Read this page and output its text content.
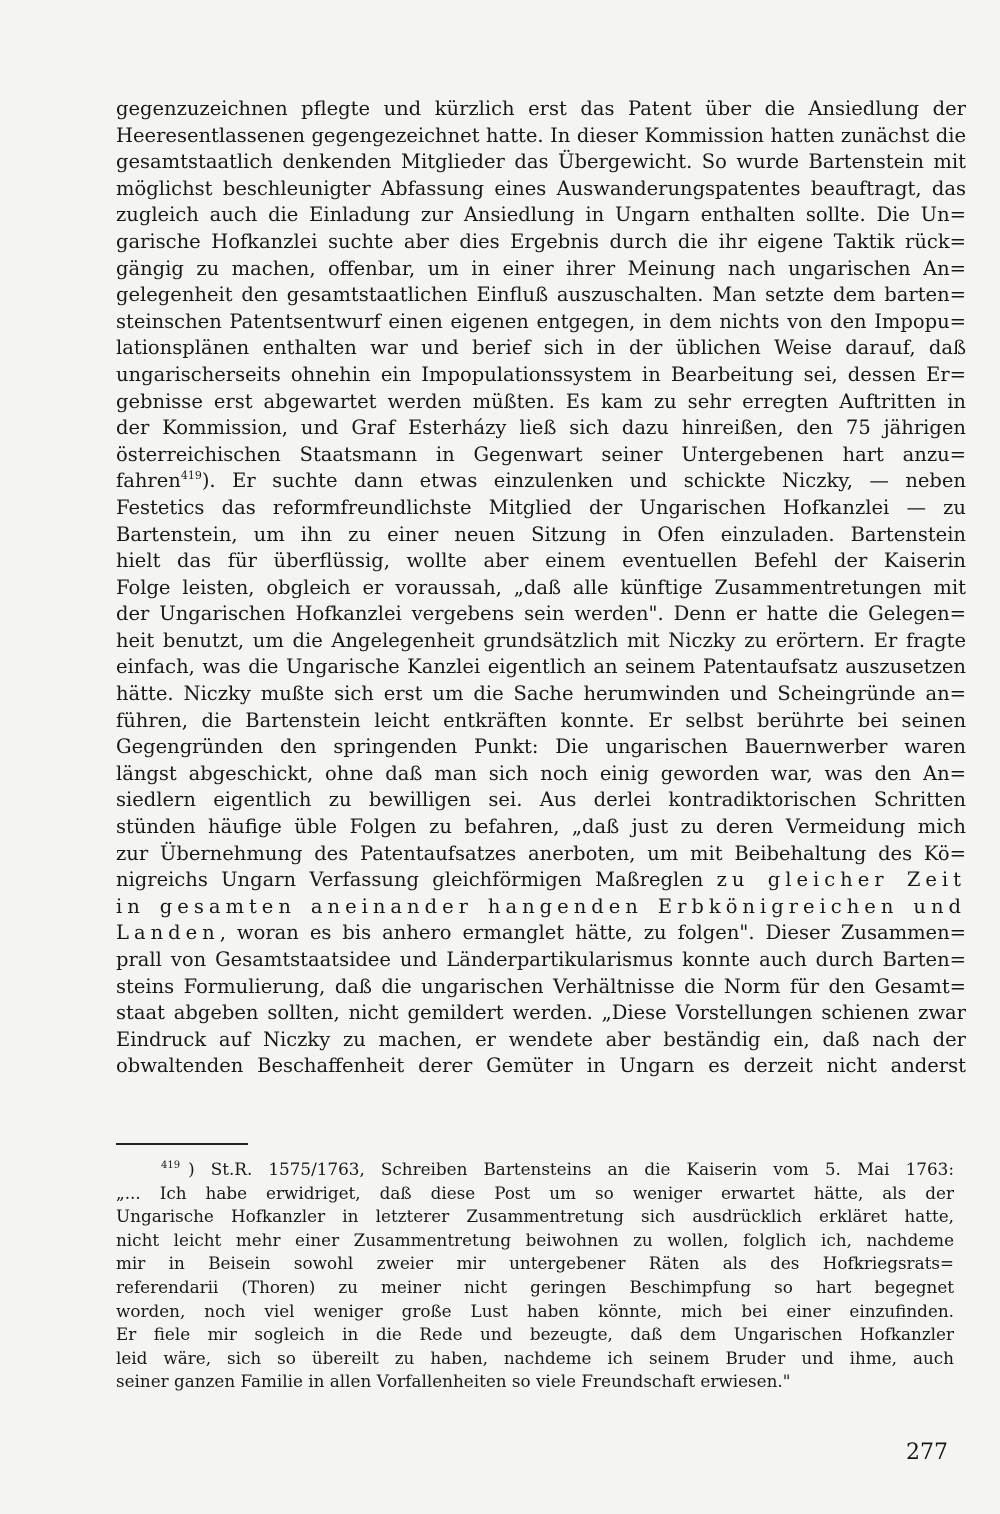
gegenzuzeichnen pflegte und kürzlich erst das Patent über die Ansiedlung der
Heeresentlassenen gegengezeichnet hatte. In dieser Kommission hatten zunächst die
gesamtstaatlich denkenden Mitglieder das Übergewicht. So wurde Bartenstein mit
möglichst beschleunigter Abfassung eines Auswanderungspatentes beauftragt, das
zugleich auch die Einladung zur Ansiedlung in Ungarn enthalten sollte. Die Un=
garische Hofkanzlei suchte aber dies Ergebnis durch die ihr eigene Taktik rück=
gängig zu machen, offenbar, um in einer ihrer Meinung nach ungarischen An=
gelegenheit den gesamtstaatlichen Einfluß auszuschalten. Man setzte dem barten=
steinschen Patentsentwurf einen eigenen entgegen, in dem nichts von den Impopu=
lationsplänen enthalten war und berief sich in der üblichen Weise darauf, daß
ungarischerseits ohnehin ein Impopulationssystem in Bearbeitung sei, dessen Er=
gebnisse erst abgewartet werden müßten. Es kam zu sehr erregten Auftritten in
der Kommission, und Graf Esterházy ließ sich dazu hinreißen, den 75 jährigen
österreichischen Staatsmann in Gegenwart seiner Untergebenen hart anzu=
fahren$^{419}$). Er suchte dann etwas einzulenken und schickte Niczky, — neben
Festetics das reformfreundlichste Mitglied der Ungarischen Hofkanzlei — zu
Bartenstein, um ihn zu einer neuen Sitzung in Ofen einzuladen. Bartenstein
hielt das für überflüssig, wollte aber einem eventuellen Befehl der Kaiserin
Folge leisten, obgleich er voraussah, „daß alle künftige Zusammentretungen mit
der Ungarischen Hofkanzlei vergebens sein werden". Denn er hatte die Gelegen=
heit benutzt, um die Angelegenheit grundsätzlich mit Niczky zu erörtern. Er fragte
einfach, was die Ungarische Kanzlei eigentlich an seinem Patentaufsatz auszusetzen
hätte. Niczky mußte sich erst um die Sache herumwinden und Scheingründe an=
führen, die Bartenstein leicht entkräften konnte. Er selbst berührte bei seinen
Gegengründen den springenden Punkt: Die ungarischen Bauernwerber waren
längst abgeschickt, ohne daß man sich noch einig geworden war, was den An=
siedlern eigentlich zu bewilligen sei. Aus derlei kontradiktorischen Schritten
stünden häufige üble Folgen zu befahren, „daß just zu deren Vermeidung mich
zur Übernehmung des Patentaufsatzes anerboten, um mit Beibehaltung des Kö=
nigreichs Ungarn Verfassung gleichförmigen Maßreglen zu gleicher Zeit
in gesamten aneinander hangenden Erbkönigreichen und
Landen, woran es bis anhero ermanglet hätte, zu folgen". Dieser Zusammen=
prall von Gesamtstaatsidee und Länderpartikularismus konnte auch durch Barten=
steins Formulierung, daß die ungarischen Verhältnisse die Norm für den Gesamt=
staat abgeben sollten, nicht gemildert werden. „Diese Vorstellungen schienen zwar
Eindruck auf Niczky zu machen, er wendete aber beständig ein, daß nach der
obwaltenden Beschaffenheit derer Gemüter in Ungarn es derzeit nicht anderst
$^{419}$ ) St.R. 1575/1763, Schreiben Bartensteins an die Kaiserin vom 5. Mai 1763:
„... Ich habe erwidriget, daß diese Post um so weniger erwartet hätte, als der
Ungarische Hofkanzler in letzterer Zusammentretung sich ausdrücklich erkläret hatte,
nicht leicht mehr einer Zusammentretung beiwohnen zu wollen, folglich ich, nachdeme
mir in Beisein sowohl zweier mir untergebener Räten als des Hofkriegsrats=
referendarii (Thoren) zu meiner nicht geringen Beschimpfung so hart begegnet
worden, noch viel weniger große Lust haben könnte, mich bei einer einzufinden.
Er fiele mir sogleich in die Rede und bezeugte, daß dem Ungarischen Hofkanzler
leid wäre, sich so übereilt zu haben, nachdeme ich seinem Bruder und ihme, auch
seiner ganzen Familie in allen Vorfallenheiten so viele Freundschaft erwiesen."
277
